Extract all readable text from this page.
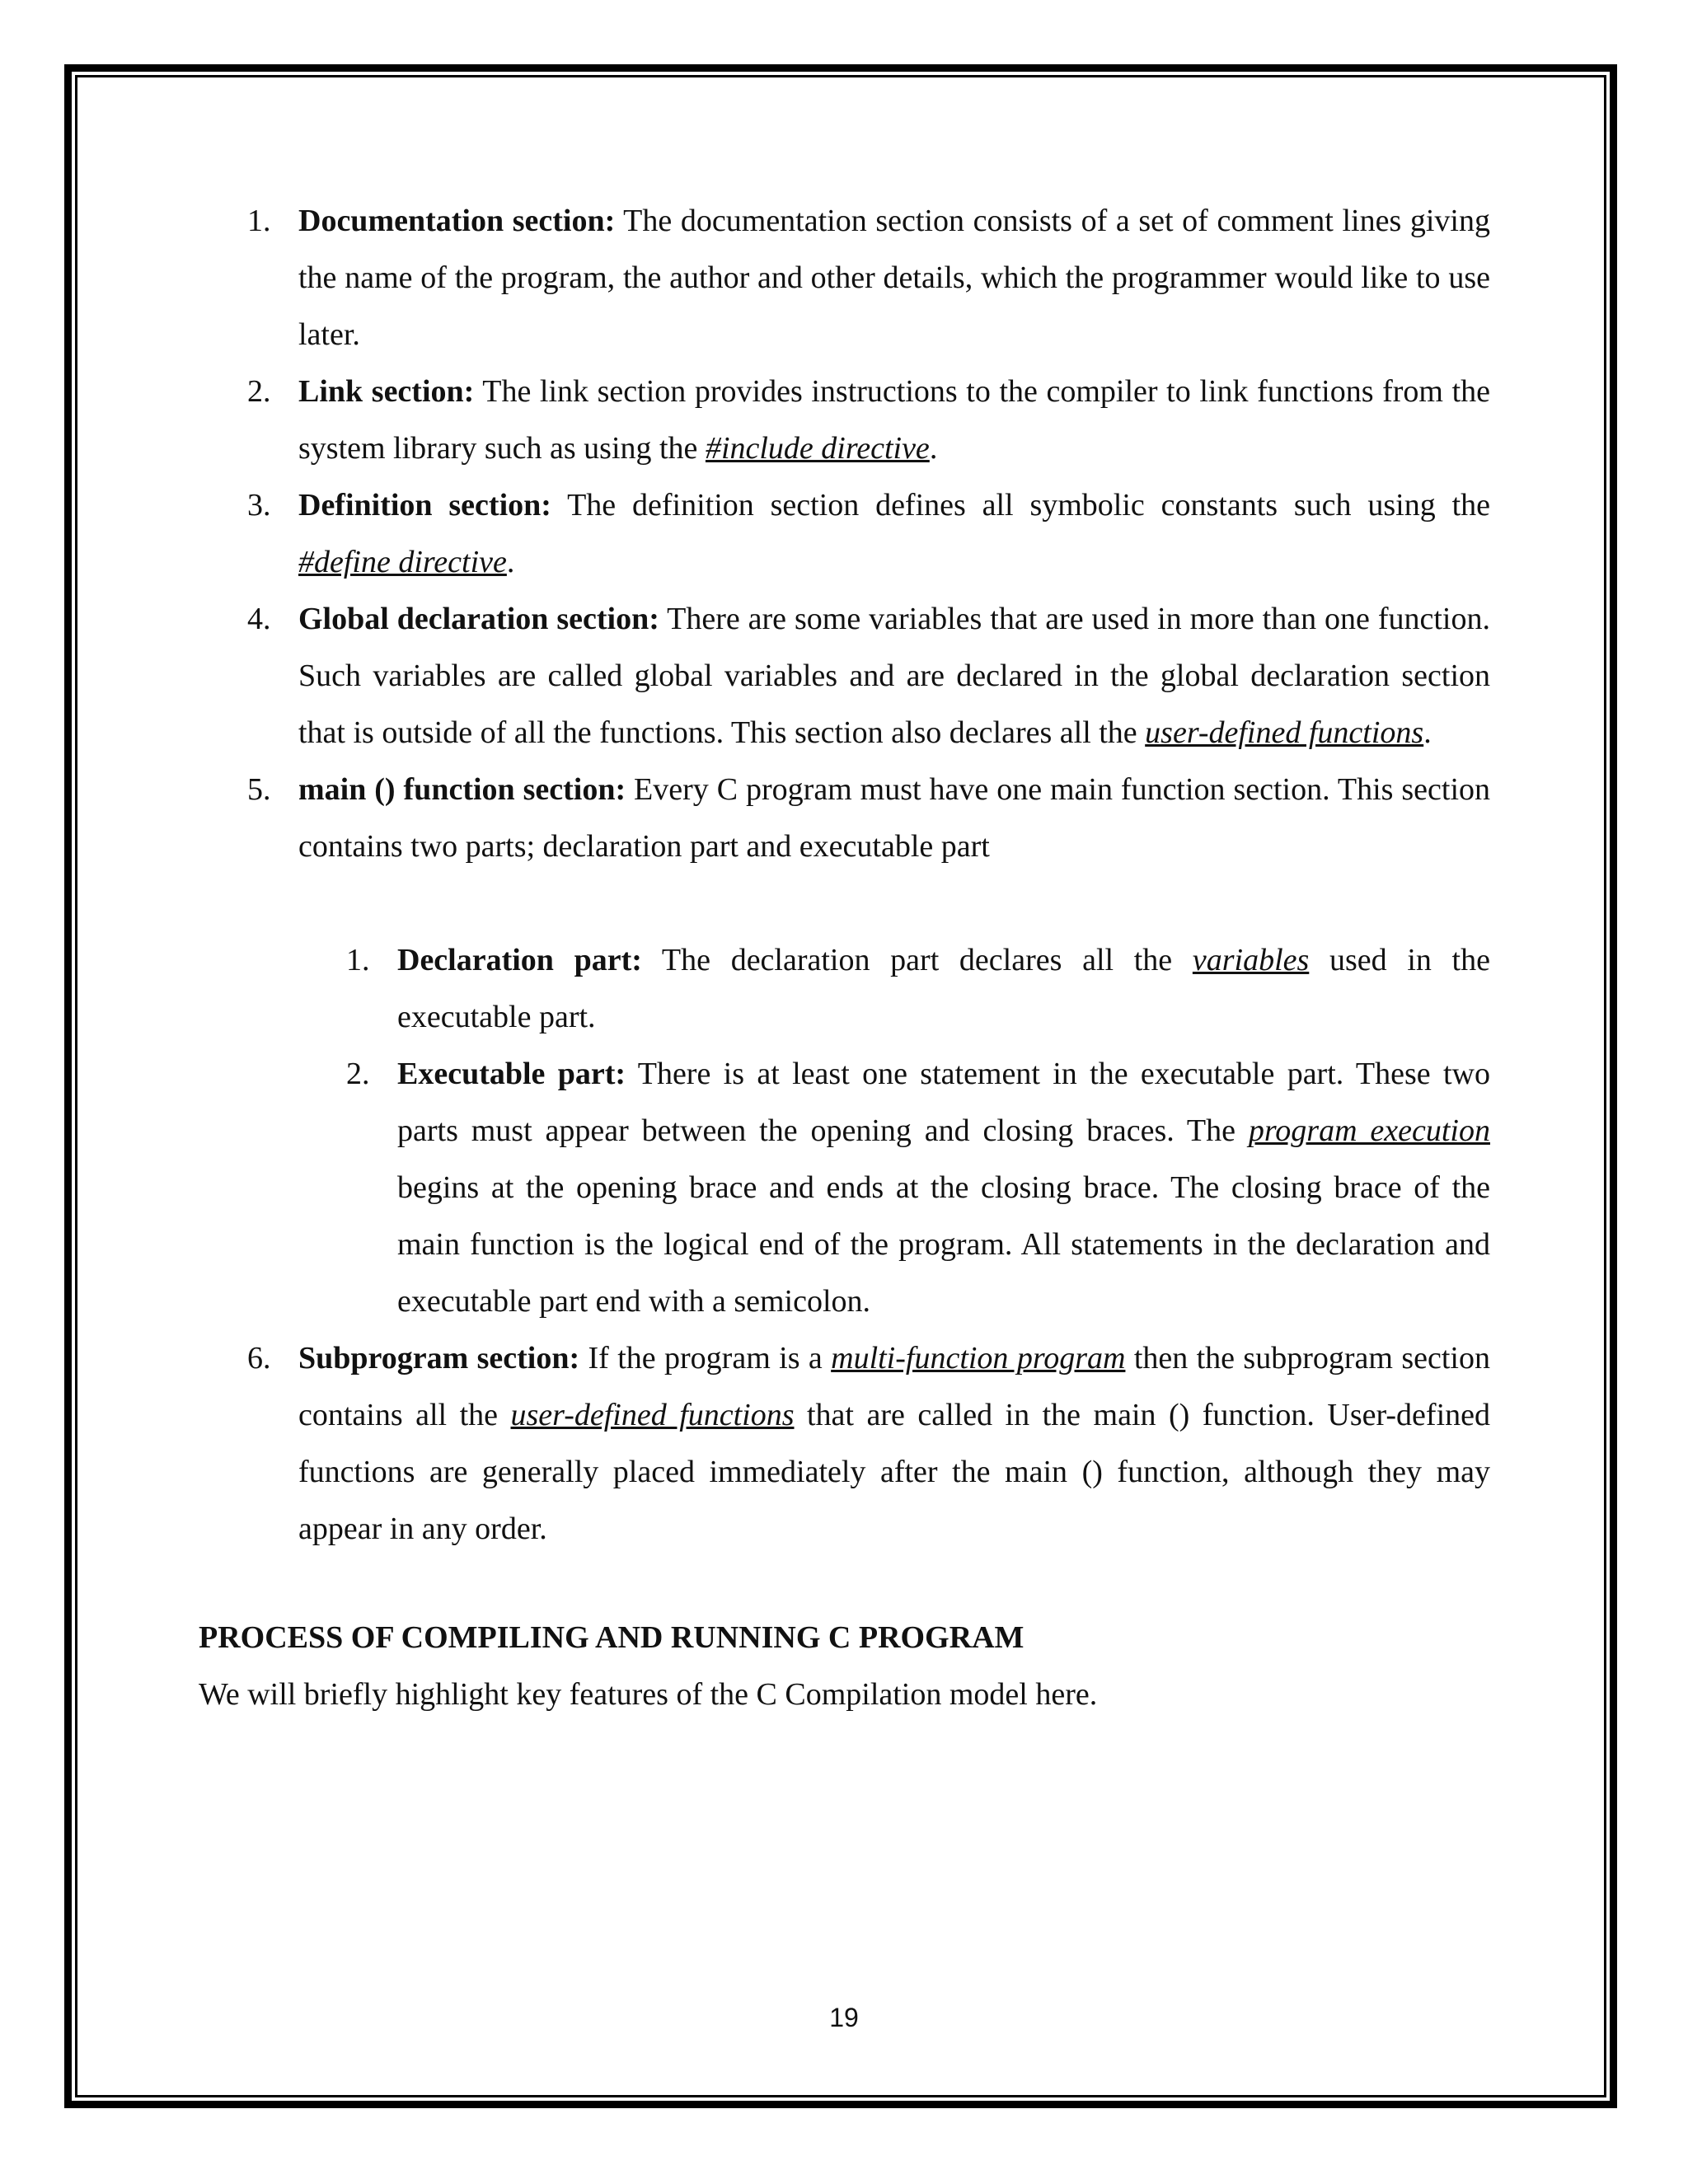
1. Documentation section: The documentation section consists of a set of comment lines giving the name of the program, the author and other details, which the programmer would like to use later.
2. Link section: The link section provides instructions to the compiler to link functions from the system library such as using the #include directive.
3. Definition section: The definition section defines all symbolic constants such using the #define directive.
4. Global declaration section: There are some variables that are used in more than one function. Such variables are called global variables and are declared in the global declaration section that is outside of all the functions. This section also declares all the user-defined functions.
5. main () function section: Every C program must have one main function section. This section contains two parts; declaration part and executable part
1. Declaration part: The declaration part declares all the variables used in the executable part.
2. Executable part: There is at least one statement in the executable part. These two parts must appear between the opening and closing braces. The program execution begins at the opening brace and ends at the closing brace. The closing brace of the main function is the logical end of the program. All statements in the declaration and executable part end with a semicolon.
6. Subprogram section: If the program is a multi-function program then the subprogram section contains all the user-defined functions that are called in the main () function. User-defined functions are generally placed immediately after the main () function, although they may appear in any order.
PROCESS OF COMPILING AND RUNNING C PROGRAM

We will briefly highlight key features of the C Compilation model here.

19
